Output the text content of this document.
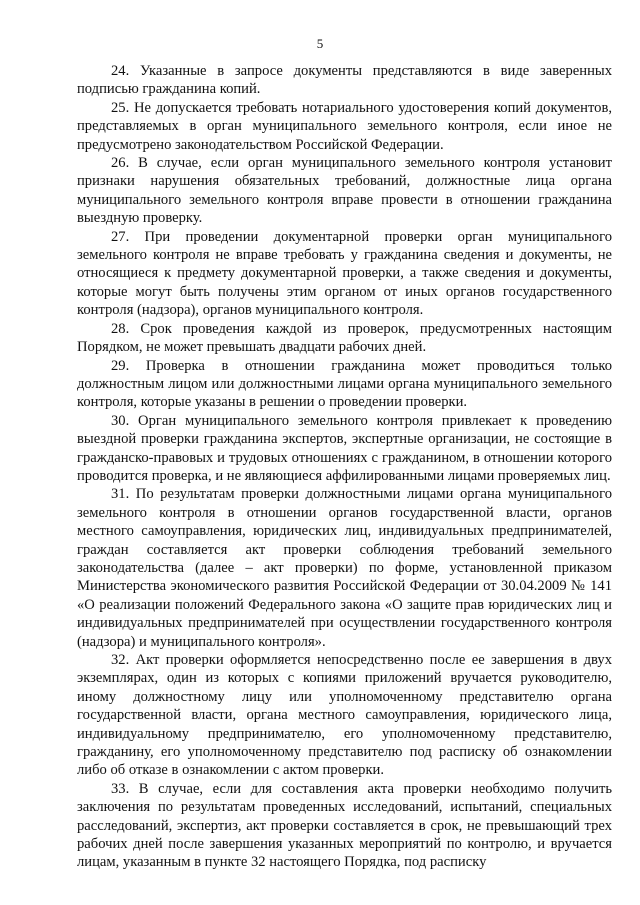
5

24. Указанные в запросе документы представляются в виде заверенных подписью гражданина копий.

25. Не допускается требовать нотариального удостоверения копий документов, представляемых в орган муниципального земельного контроля, если иное не предусмотрено законодательством Российской Федерации.

26. В случае, если орган муниципального земельного контроля установит признаки нарушения обязательных требований, должностные лица органа муниципального земельного контроля вправе провести в отношении гражданина выездную проверку.

27. При проведении документарной проверки орган муниципального земельного контроля не вправе требовать у гражданина сведения и документы, не относящиеся к предмету документарной проверки, а также сведения и документы, которые могут быть получены этим органом от иных органов государственного контроля (надзора), органов муниципального контроля.

28. Срок проведения каждой из проверок, предусмотренных настоящим Порядком, не может превышать двадцати рабочих дней.

29. Проверка в отношении гражданина может проводиться только должностным лицом или должностными лицами органа муниципального земельного контроля, которые указаны в решении о проведении проверки.

30. Орган муниципального земельного контроля привлекает к проведению выездной проверки гражданина экспертов, экспертные организации, не состоящие в гражданско-правовых и трудовых отношениях с гражданином, в отношении которого проводится проверка, и не являющиеся аффилированными лицами проверяемых лиц.

31. По результатам проверки должностными лицами органа муниципального земельного контроля в отношении органов государственной власти, органов местного самоуправления, юридических лиц, индивидуальных предпринимателей, граждан составляется акт проверки соблюдения требований земельного законодательства (далее – акт проверки) по форме, установленной приказом Министерства экономического развития Российской Федерации от 30.04.2009 № 141 «О реализации положений Федерального закона «О защите прав юридических лиц и индивидуальных предпринимателей при осуществлении государственного контроля (надзора) и муниципального контроля».

32. Акт проверки оформляется непосредственно после ее завершения в двух экземплярах, один из которых с копиями приложений вручается руководителю, иному должностному лицу или уполномоченному представителю органа государственной власти, органа местного самоуправления, юридического лица, индивидуальному предпринимателю, его уполномоченному представителю, гражданину, его уполномоченному представителю под расписку об ознакомлении либо об отказе в ознакомлении с актом проверки.

33. В случае, если для составления акта проверки необходимо получить заключения по результатам проведенных исследований, испытаний, специальных расследований, экспертиз, акт проверки составляется в срок, не превышающий трех рабочих дней после завершения указанных мероприятий по контролю, и вручается лицам, указанным в пункте 32 настоящего Порядка, под расписку
